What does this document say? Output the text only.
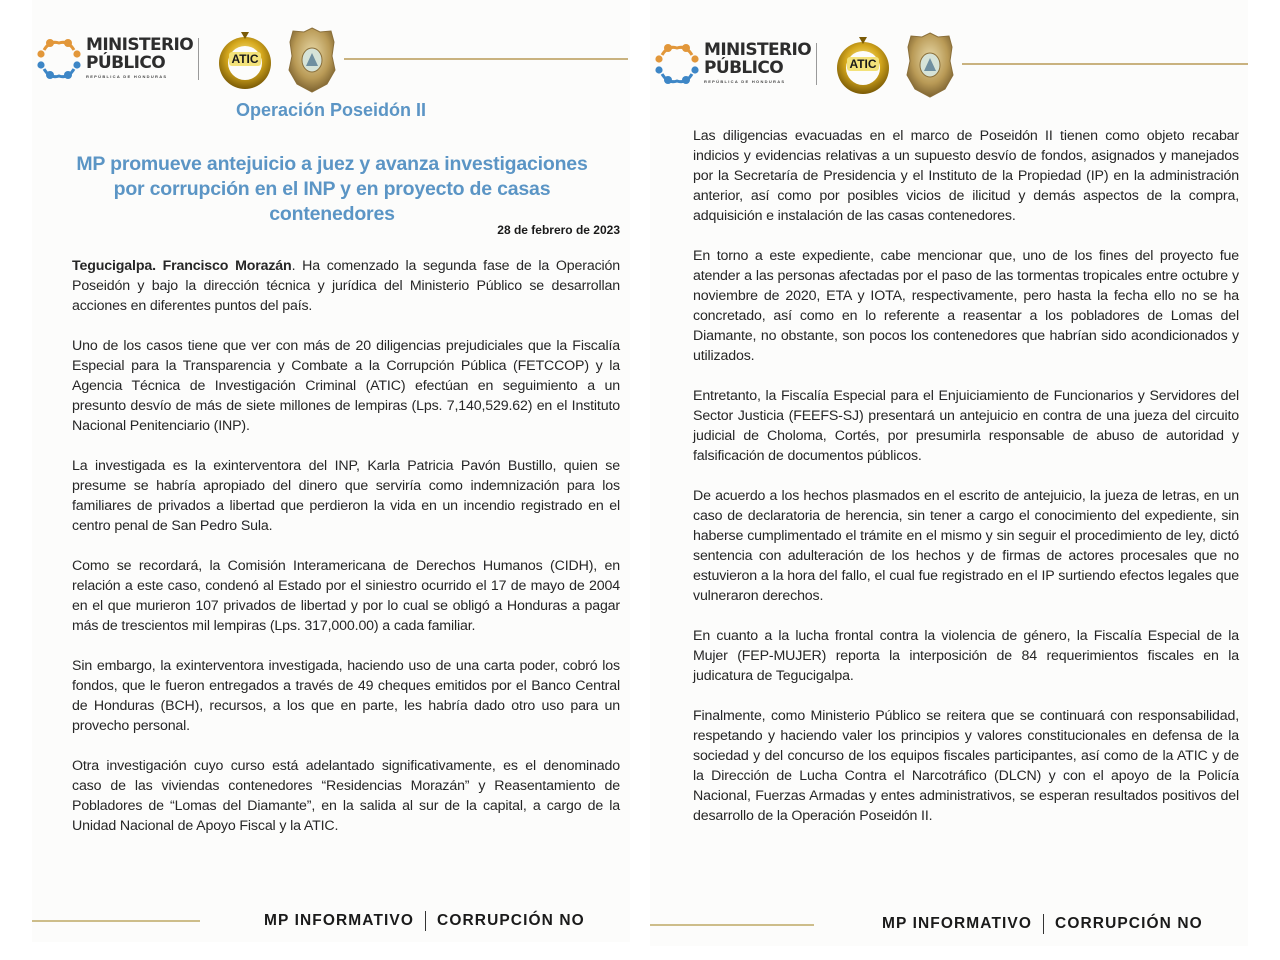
MINISTERIO
PÚBLICO
REPÚBLICA DE HONDURAS
ATIC
Operación Poseidón II
MP promueve antejuicio a juez y avanza investigaciones por corrupción en el INP y en proyecto de casas contenedores
28 de febrero de 2023

Tegucigalpa. Francisco Morazán. Ha comenzado la segunda fase de la Operación Poseidón y bajo la dirección técnica y jurídica del Ministerio Público se desarrollan acciones en diferentes puntos del país.

Uno de los casos tiene que ver con más de 20 diligencias prejudiciales que la Fiscalía Especial para la Transparencia y Combate a la Corrupción Pública (FETCCOP) y la Agencia Técnica de Investigación Criminal (ATIC) efectúan en seguimiento a un presunto desvío de más de siete millones de lempiras (Lps. 7,140,529.62) en el Instituto Nacional Penitenciario (INP).

La investigada es la exinterventora del INP, Karla Patricia Pavón Bustillo, quien se presume se habría apropiado del dinero que serviría como indemnización para los familiares de privados a libertad que perdieron la vida en un incendio registrado en el centro penal de San Pedro Sula.

Como se recordará, la Comisión Interamericana de Derechos Humanos (CIDH), en relación a este caso, condenó al Estado por el siniestro ocurrido el 17 de mayo de 2004 en el que murieron 107 privados de libertad y por lo cual se obligó a Honduras a pagar más de trescientos mil lempiras (Lps. 317,000.00) a cada familiar.

Sin embargo, la exinterventora investigada, haciendo uso de una carta poder, cobró los fondos, que le fueron entregados a través de 49 cheques emitidos por el Banco Central de Honduras (BCH), recursos, a los que en parte, les habría dado otro uso para un provecho personal.

Otra investigación cuyo curso está adelantado significativamente, es el denominado caso de las viviendas contenedores “Residencias Morazán” y Reasentamiento de Pobladores de “Lomas del Diamante”, en la salida al sur de la capital, a cargo de la Unidad Nacional de Apoyo Fiscal y la ATIC.

MP INFORMATIVO CORRUPCIÓN NO
MINISTERIO
PÚBLICO
REPÚBLICA DE HONDURAS
ATIC

Las diligencias evacuadas en el marco de Poseidón II tienen como objeto recabar indicios y evidencias relativas a un supuesto desvío de fondos, asignados y manejados por la Secretaría de Presidencia y el Instituto de la Propiedad (IP) en la administración anterior, así como por posibles vicios de ilicitud y demás aspectos de la compra, adquisición e instalación de las casas contenedores.

En torno a este expediente, cabe mencionar que, uno de los fines del proyecto fue atender a las personas afectadas por el paso de las tormentas tropicales entre octubre y noviembre de 2020, ETA y IOTA, respectivamente, pero hasta la fecha ello no se ha concretado, así como en lo referente a reasentar a los pobladores de Lomas del Diamante, no obstante, son pocos los contenedores que habrían sido acondicionados y utilizados.

Entretanto, la Fiscalía Especial para el Enjuiciamiento de Funcionarios y Servidores del Sector Justicia (FEEFS-SJ) presentará un antejuicio en contra de una jueza del circuito judicial de Choloma, Cortés, por presumirla responsable de abuso de autoridad y falsificación de documentos públicos.

De acuerdo a los hechos plasmados en el escrito de antejuicio, la jueza de letras, en un caso de declaratoria de herencia, sin tener a cargo el conocimiento del expediente, sin haberse cumplimentado el trámite en el mismo y sin seguir el procedimiento de ley, dictó sentencia con adulteración de los hechos y de firmas de actores procesales que no estuvieron a la hora del fallo, el cual fue registrado en el IP surtiendo efectos legales que vulneraron derechos.

En cuanto a la lucha frontal contra la violencia de género, la Fiscalía Especial de la Mujer (FEP-MUJER) reporta la interposición de 84 requerimientos fiscales en la judicatura de Tegucigalpa.

Finalmente, como Ministerio Público se reitera que se continuará con responsabilidad, respetando y haciendo valer los principios y valores constitucionales en defensa de la sociedad y del concurso de los equipos fiscales participantes, así como de la ATIC y de la Dirección de Lucha Contra el Narcotráfico (DLCN) y con el apoyo de la Policía Nacional, Fuerzas Armadas y entes administrativos, se esperan resultados positivos del desarrollo de la Operación Poseidón II.

MP INFORMATIVO CORRUPCIÓN NO
